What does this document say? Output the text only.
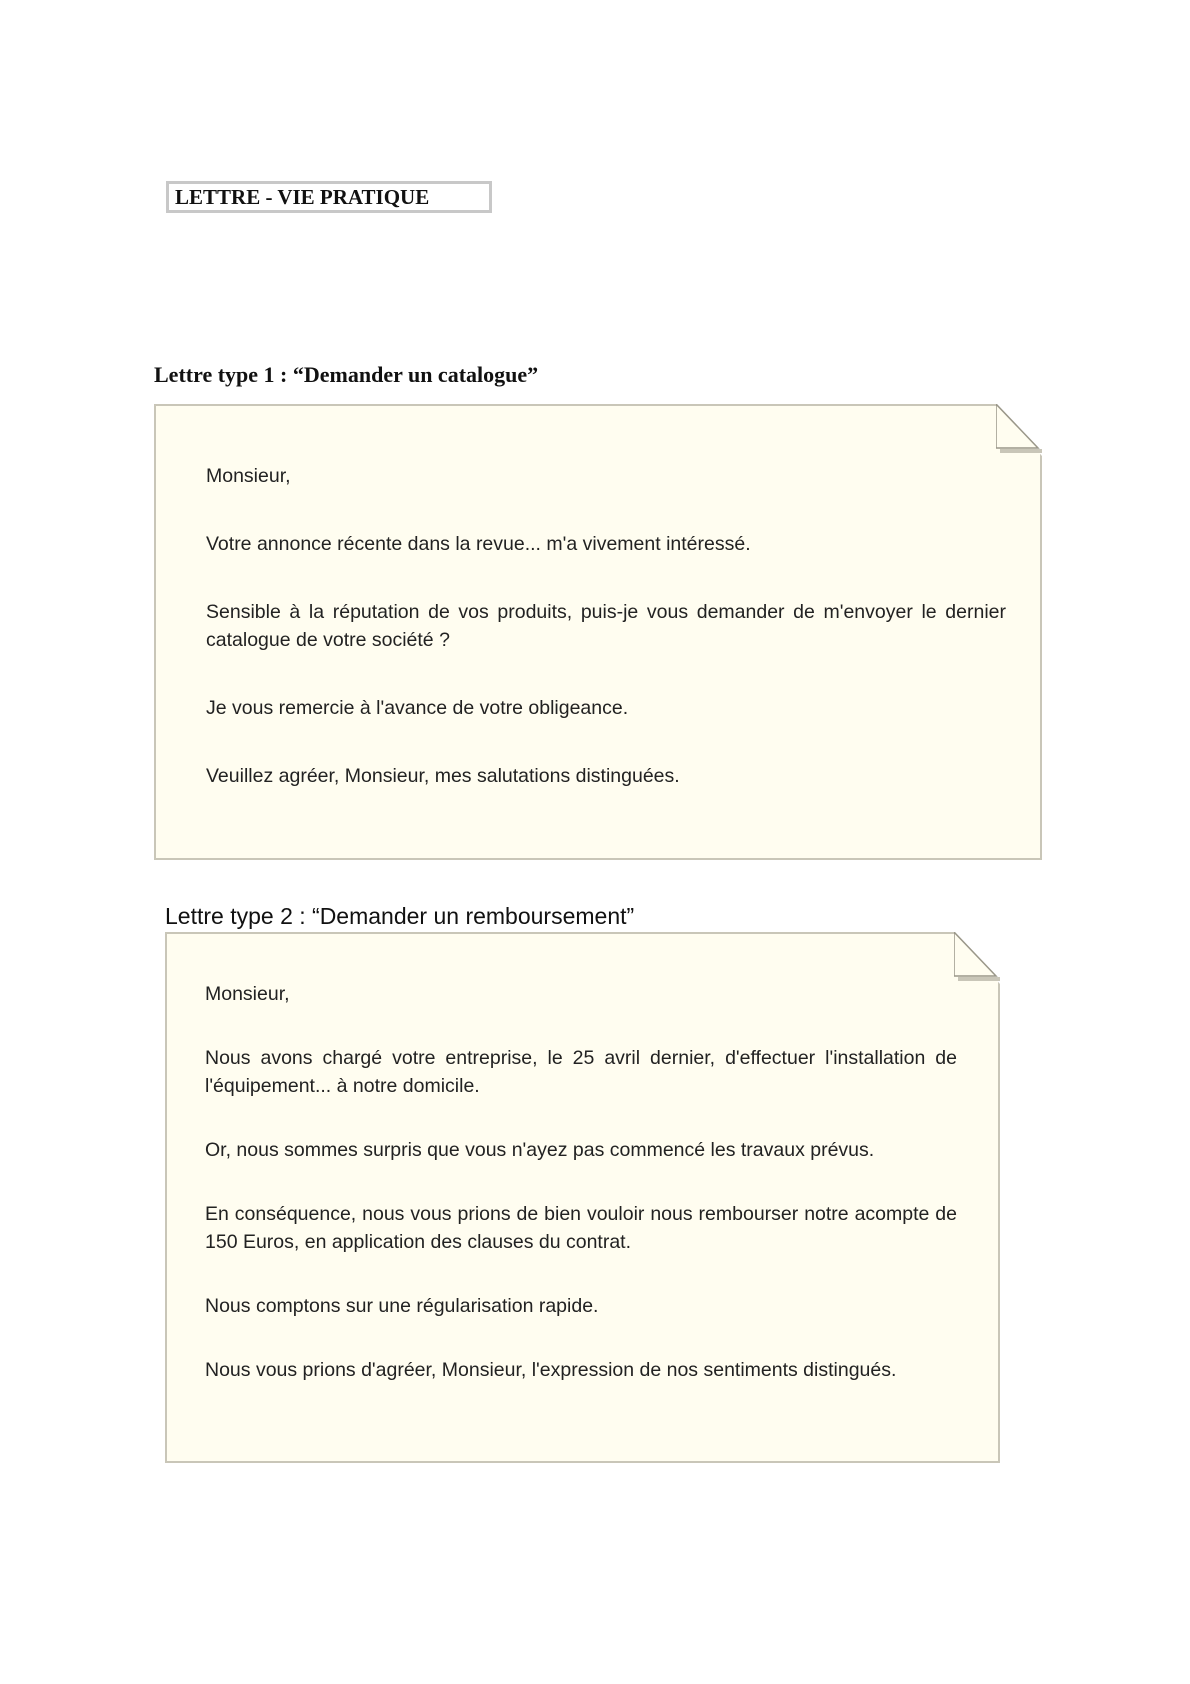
LETTRE - VIE PRATIQUE
Lettre type 1 : “Demander un catalogue”

Monsieur,

Votre annonce récente dans la revue... m'a vivement intéressé.

Sensible à la réputation de vos produits, puis-je vous demander de m'envoyer le dernier catalogue de votre société ?

Je vous remercie à l'avance de votre obligeance.

Veuillez agréer, Monsieur, mes salutations distinguées.

Lettre type 2 : “Demander un remboursement”

Monsieur,

Nous avons chargé votre entreprise, le 25 avril dernier, d'effectuer l'installation de l'équipement... à notre domicile.

Or, nous sommes surpris que vous n'ayez pas commencé les travaux prévus.

En conséquence, nous vous prions de bien vouloir nous rembourser notre acompte de 150 Euros, en application des clauses du contrat.

Nous comptons sur une régularisation rapide.

Nous vous prions d'agréer, Monsieur, l'expression de nos sentiments distingués.
